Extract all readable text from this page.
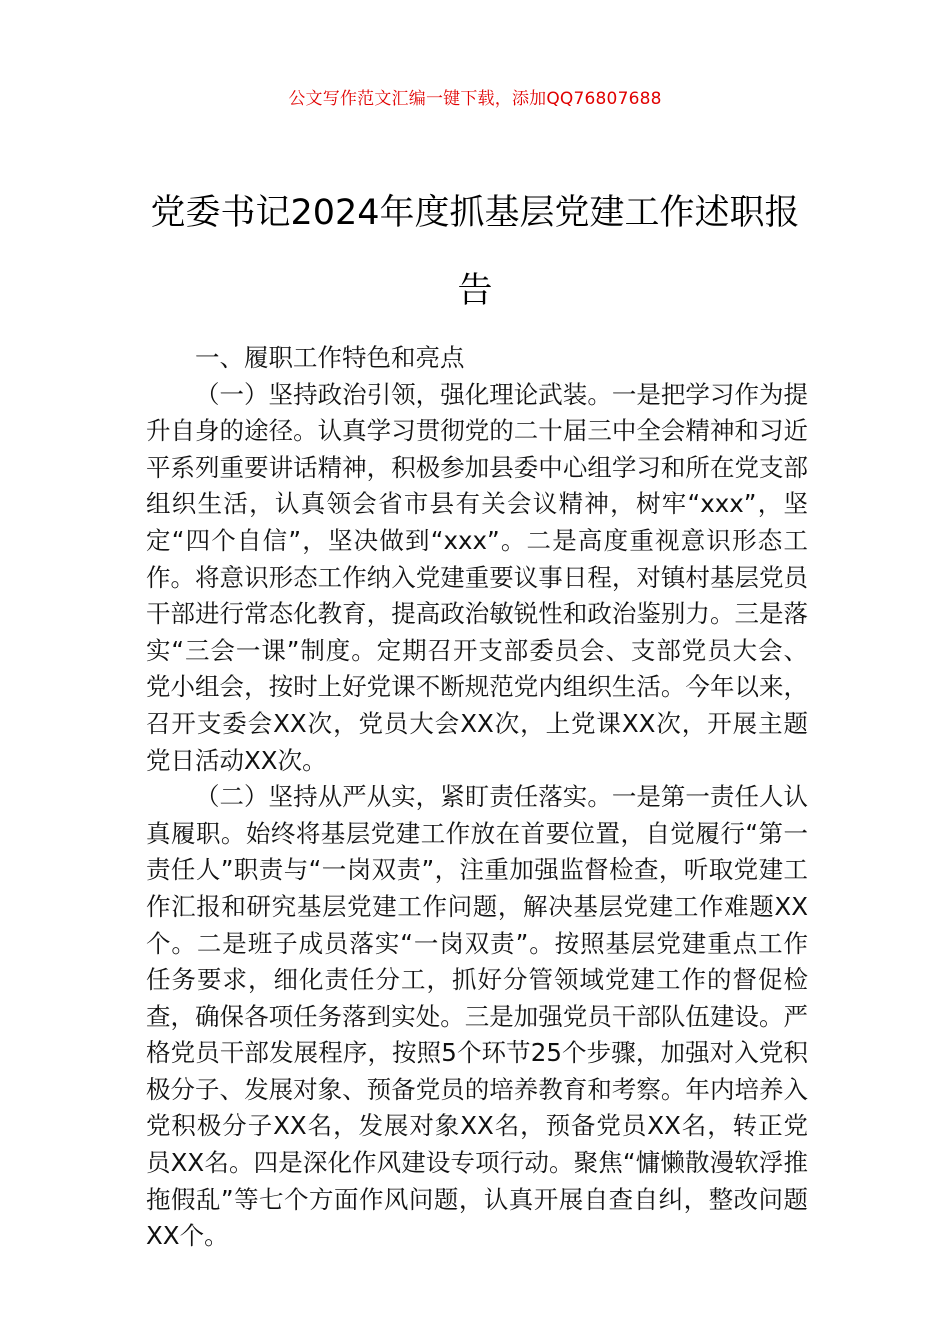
公文写作范文汇编一键下载，添加QQ76807688
党委书记2024年度抓基层党建工作述职报告

一、履职工作特色和亮点

（一）坚持政治引领，强化理论武装。一是把学习作为提升自身的途径。认真学习贯彻党的二十届三中全会精神和习近平系列重要讲话精神，积极参加县委中心组学习和所在党支部组织生活，认真领会省市县有关会议精神，树牢“xxx”，坚定“四个自信”，坚决做到“xxx”。二是高度重视意识形态工作。将意识形态工作纳入党建重要议事日程，对镇村基层党员干部进行常态化教育，提高政治敏锐性和政治鉴别力。三是落实“三会一课”制度。定期召开支部委员会、支部党员大会、党小组会，按时上好党课不断规范党内组织生活。今年以来，召开支委会XX次，党员大会XX次，上党课XX次，开展主题党日活动XX次。

（二）坚持从严从实，紧盯责任落实。一是第一责任人认真履职。始终将基层党建工作放在首要位置，自觉履行“第一责任人”职责与“一岗双责”，注重加强监督检查，听取党建工作汇报和研究基层党建工作问题，解决基层党建工作难题XX个。二是班子成员落实“一岗双责”。按照基层党建重点工作任务要求，细化责任分工，抓好分管领域党建工作的督促检查，确保各项任务落到实处。三是加强党员干部队伍建设。严格党员干部发展程序，按照5个环节25个步骤，加强对入党积极分子、发展对象、预备党员的培养教育和考察。年内培养入党积极分子XX名，发展对象XX名，预备党员XX名，转正党员XX名。四是深化作风建设专项行动。聚焦“慵懒散漫软浮推拖假乱”等七个方面作风问题，认真开展自查自纠，整改问题XX个。
